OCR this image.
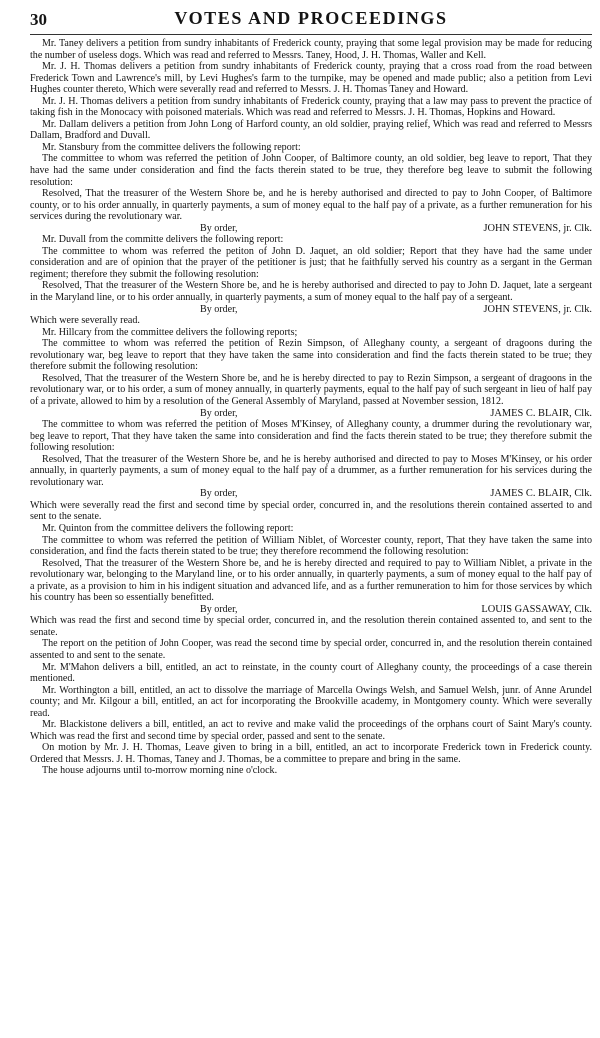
30	VOTES AND PROCEEDINGS

Mr. Taney delivers a petition from sundry inhabitants of Frederick county, praying that some legal provision may be made for reducing the number of useless dogs. Which was read and referred to Messrs. Taney, Hood, J. H. Thomas, Waller and Kell.

Mr. J. H. Thomas delivers a petition from sundry inhabitants of Frederick county, praying that a cross road from the road between Frederick Town and Lawrence's mill, by Levi Hughes's farm to the turnpike, may be opened and made public; also a petition from Levi Hughes counter thereto, Which were severally read and referred to Messrs. J. H. Thomas Taney and Howard.

Mr. J. H. Thomas delivers a petition from sundry inhabitants of Frederick county, praying that a law may pass to prevent the practice of taking fish in the Monocacy with poisoned materials. Which was read and referred to Messrs. J. H. Thomas, Hopkins and Howard.

Mr. Dallam delivers a petition from John Long of Harford county, an old soldier, praying relief, Which was read and referred to Messrs Dallam, Bradford and Duvall.

Mr. Stansbury from the committee delivers the following report:

The committee to whom was referred the petition of John Cooper, of Baltimore county, an old soldier, beg leave to report, That they have had the same under consideration and find the facts therein stated to be true, they therefore beg leave to submit the following resolution:

Resolved, That the treasurer of the Western Shore be, and he is hereby authorised and directed to pay to John Cooper, of Baltimore county, or to his order annually, in quarterly payments, a sum of money equal to the half pay of a private, as a further remuneration for his services during the revolutionary war.

By order,	JOHN STEVENS, jr. Clk.

Mr. Duvall from the committe delivers the following report:

The committee to whom was referred the petiton of John D. Jaquet, an old soldier; Report that they have had the same under consideration and are of opinion that the prayer of the petitioner is just; that he faithfully served his country as a sergant in the German regiment; therefore they submit the following resolution:

Resolved, That the treasurer of the Western Shore be, and he is hereby authorised and directed to pay to John D. Jaquet, late a sergeant in the Maryland line, or to his order annually, in quarterly payments, a sum of money equal to the half pay of a sergeant.

By order,	JOHN STEVENS, jr. Clk.

Which were severally read.

Mr. Hillcary from the committee delivers the following reports;

The committee to whom was referred the petition of Rezin Simpson, of Alleghany county, a sergeant of dragoons during the revolutionary war, beg leave to report that they have taken the same into consideration and find the facts therein stated to be true; they therefore submit the following resolution:

Resolved, That the treasurer of the Western Shore be, and he is hereby directed to pay to Rezin Simpson, a sergeant of dragoons in the revolutionary war, or to his order, a sum of money annually, in quarterly payments, equal to the half pay of such sergeant in lieu of half pay of a private, allowed to him by a resolution of the General Assembly of Maryland, passed at November session, 1812.

By order,	JAMES C. BLAIR, Clk.

The committee to whom was referred the petition of Moses M'Kinsey, of Alleghany county, a drummer during the revolutionary war, beg leave to report, That they have taken the same into consideration and find the facts therein stated to be true; they therefore submit the following resolution:

Resolved, That the treasurer of the Western Shore be, and he is hereby authorised and directed to pay to Moses M'Kinsey, or his order annually, in quarterly payments, a sum of money equal to the half pay of a drummer, as a further remuneration for his services during the revolutionary war.

By order,	JAMES C. BLAIR, Clk.

Which were severally read the first and second time by special order, concurred in, and the resolutions therein contained asserted to and sent to the senate.

Mr. Quinton from the committee delivers the following report:

The committee to whom was referred the petition of William Niblet, of Worcester county, report, That they have taken the same into consideration, and find the facts therein stated to be true; they therefore recommend the following resolution:

Resolved, That the treasurer of the Western Shore be, and he is hereby directed and required to pay to William Niblet, a private in the revolutionary war, belonging to the Maryland line, or to his order annually, in quarterly payments, a sum of money equal to the half pay of a private, as a provision to him in his indigent situation and advanced life, and as a further remuneration to him for those services by which his country has been so essentially benefitted.

By order,	LOUIS GASSAWAY, Clk.

Which was read the first and second time by special order, concurred in, and the resolution therein contained assented to, and sent to the senate.

The report on the petition of John Cooper, was read the second time by special order, concurred in, and the resolution therein contained assented to and sent to the senate.

Mr. M'Mahon delivers a bill, entitled, an act to reinstate, in the county court of Alleghany county, the proceedings of a case therein mentioned.

Mr. Worthington a bill, entitled, an act to dissolve the marriage of Marcella Owings Welsh, and Samuel Welsh, junr. of Anne Arundel county; and Mr. Kilgour a bill, entitled, an act for incorporating the Brookville academy, in Montgomery county. Which were severally read.

Mr. Blackistone delivers a bill, entitled, an act to revive and make valid the proceedings of the orphans court of Saint Mary's county. Which was read the first and second time by special order, passed and sent to the senate.

On motion by Mr. J. H. Thomas, Leave given to bring in a bill, entitled, an act to incorporate Frederick town in Frederick county. Ordered that Messrs. J. H. Thomas, Taney and J. Thomas, be a committee to prepare and bring in the same.

The house adjourns until to-morrow morning nine o'clock.
